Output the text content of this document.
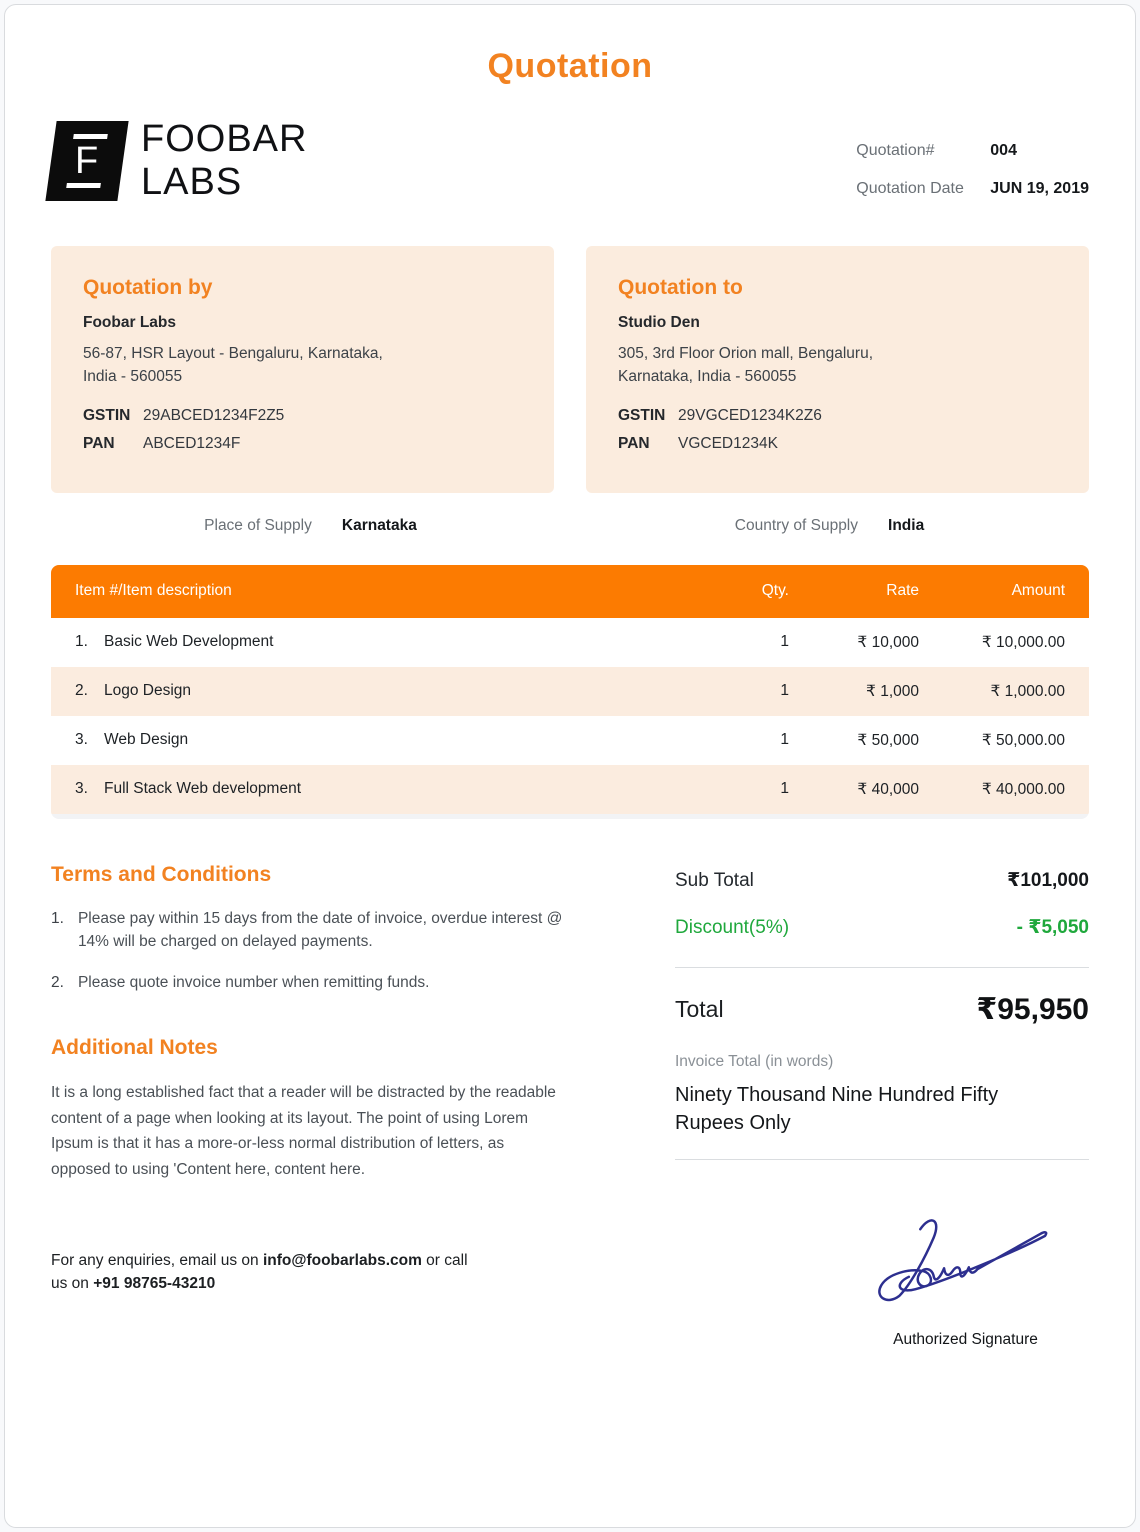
Quotation
F
FOOBAR
LABS
Quotation#	004
Quotation Date	JUN 19, 2019
Quotation by
Foobar Labs
56-87, HSR Layout - Bengaluru, Karnataka,
India - 560055
GSTIN 29ABCED1234F2Z5
PAN	ABCED1234F
Quotation to
Studio Den
305, 3rd Floor Orion mall, Bengaluru,
Karnataka, India - 560055
GSTIN 29VGCED1234K2Z6
PAN	VGCED1234K
Place of Supply Karnataka	Country of Supply India
Item #/Item description	Qty.	Rate	Amount
1. Basic Web Development	1	₹ 10,000	₹ 10,000.00
2. Logo Design	1	₹ 1,000	₹ 1,000.00
3. Web Design	1	₹ 50,000	₹ 50,000.00
3. Full Stack Web development	1	₹ 40,000	₹ 40,000.00
Terms and Conditions
1. Please pay within 15 days from the date of invoice, overdue interest @ 14% will be charged on delayed payments.
2. Please quote invoice number when remitting funds.
Additional Notes

It is a long established fact that a reader will be distracted by the readable content of a page when looking at its layout. The point of using Lorem Ipsum is that it has a more-or-less normal distribution of letters, as opposed to using 'Content here, content here.

For any enquiries, email us on info@foobarlabs.com or call us on +91 98765-43210

Sub Total	₹101,000
Discount(5%)	- ₹5,050
Total	₹95,950
Invoice Total (in words)
Ninety Thousand Nine Hundred Fifty Rupees Only
Authorized Signature
